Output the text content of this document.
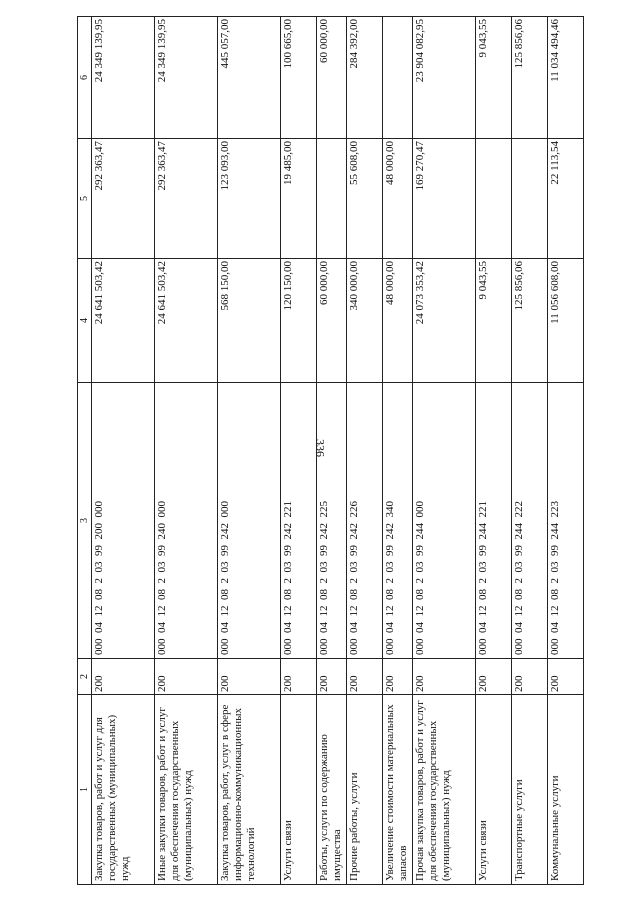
336
1	2	3	4	5	6
Закупка товаров, работ и услуг для государственных (муниципальных) нужд	200	000  04  12  08  2  03  99  200  000	24 641 503,42	292 363,47	24 349 139,95
Иные закупки товаров, работ и услуг для обеспечения государственных (муниципальных) нужд	200	000  04  12  08  2  03  99  240  000	24 641 503,42	292 363,47	24 349 139,95
Закупка товаров, работ, услуг в сфере информационно-коммуникационных технологий	200	000  04  12  08  2  03  99  242  000	568 150,00	123 093,00	445 057,00
Услуги связи	200	000  04  12  08  2  03  99  242  221	120 150,00	19 485,00	100 665,00
Работы, услуги по содержанию имущества	200	000  04  12  08  2  03  99  242  225	60 000,00		60 000,00
Прочие работы, услуги	200	000  04  12  08  2  03  99  242  226	340 000,00	55 608,00	284 392,00
Увеличение стоимости материальных запасов	200	000  04  12  08  2  03  99  242  340	48 000,00	48 000,00	
Прочая закупка товаров, работ и услуг для обеспечения государственных (муниципальных) нужд	200	000  04  12  08  2  03  99  244  000	24 073 353,42	169 270,47	23 904 082,95
Услуги связи	200	000  04  12  08  2  03  99  244  221	9 043,55		9 043,55
Транспортные услуги	200	000  04  12  08  2  03  99  244  222	125 856,06		125 856,06
Коммунальные услуги	200	000  04  12  08  2  03  99  244  223	11 056 608,00	22 113,54	11 034 494,46
